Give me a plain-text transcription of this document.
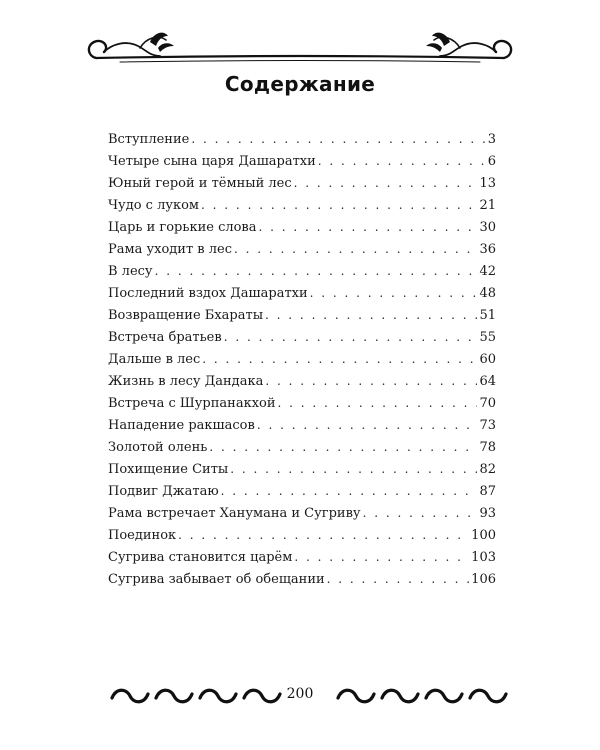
Содержание
Вступление . . .	3
Четыре сына царя Дашаратхи . . .	6
Юный герой и тёмный лес . . .	13
Чудо с луком . . .	21
Царь и горькие слова . . .	30
Рама уходит в лес . . .	36
В лесу . . .	42
Последний вздох Дашаратхи . . .	48
Возвращение Бхараты . . .	51
Встреча братьев . . .	55
Дальше в лес . . .	60
Жизнь в лесу Дандака . . .	64
Встреча с Шурпанакхой . . .	70
Нападение ракшасов . . .	73
Золотой олень . . .	78
Похищение Ситы . . .	82
Подвиг Джатаю . . .	87
Рама встречает Ханумана и Сугриву . . .	93
Поединок . . .	100
Сугрива становится царём . . .	103
Сугрива забывает об обещании . . .	106
200
